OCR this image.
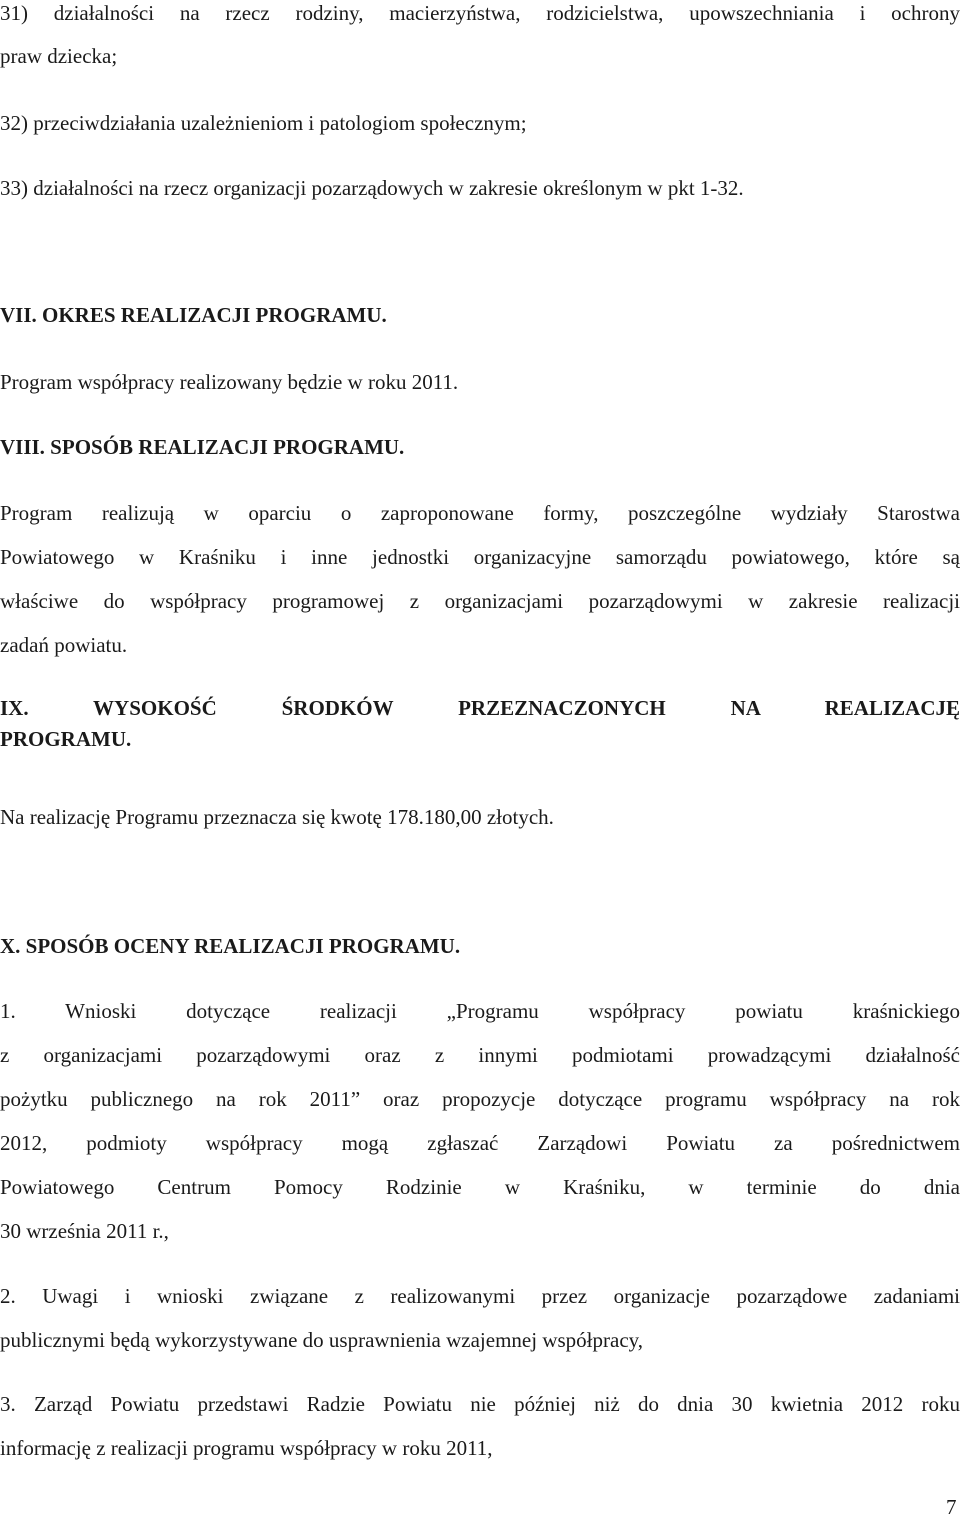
31) działalności na rzecz rodziny, macierzyństwa, rodzicielstwa, upowszechniania i ochrony
praw dziecka;
32) przeciwdziałania uzależnieniom i patologiom społecznym;
33) działalności na rzecz organizacji pozarządowych w zakresie określonym w pkt 1-32.
VII. OKRES REALIZACJI PROGRAMU.
Program współpracy realizowany będzie w roku 2011.
VIII. SPOSÓB REALIZACJI PROGRAMU.
Program realizują w oparciu o zaproponowane formy, poszczególne wydziały Starostwa
Powiatowego w Kraśniku i inne jednostki organizacyjne samorządu powiatowego, które są
właściwe do współpracy programowej z organizacjami pozarządowymi w zakresie realizacji
zadań powiatu.
IX. WYSOKOŚĆ ŚRODKÓW PRZEZNACZONYCH NA REALIZACJĘ
PROGRAMU.
Na realizację Programu przeznacza się kwotę 178.180,00 złotych.
X. SPOSÓB OCENY REALIZACJI PROGRAMU.
1. Wnioski dotyczące realizacji „Programu współpracy powiatu kraśnickiego
z organizacjami pozarządowymi oraz z innymi podmiotami prowadzącymi działalność
pożytku publicznego na rok 2011” oraz propozycje dotyczące programu współpracy na rok
2012, podmioty współpracy mogą zgłaszać Zarządowi Powiatu za pośrednictwem
Powiatowego Centrum Pomocy Rodzinie w Kraśniku, w terminie do dnia
30 września 2011 r.,
2. Uwagi i wnioski związane z realizowanymi przez organizacje pozarządowe zadaniami
publicznymi będą wykorzystywane do usprawnienia wzajemnej współpracy,
3. Zarząd Powiatu przedstawi Radzie Powiatu nie później niż do dnia 30 kwietnia 2012 roku
informację z realizacji programu współpracy w roku 2011,
7
